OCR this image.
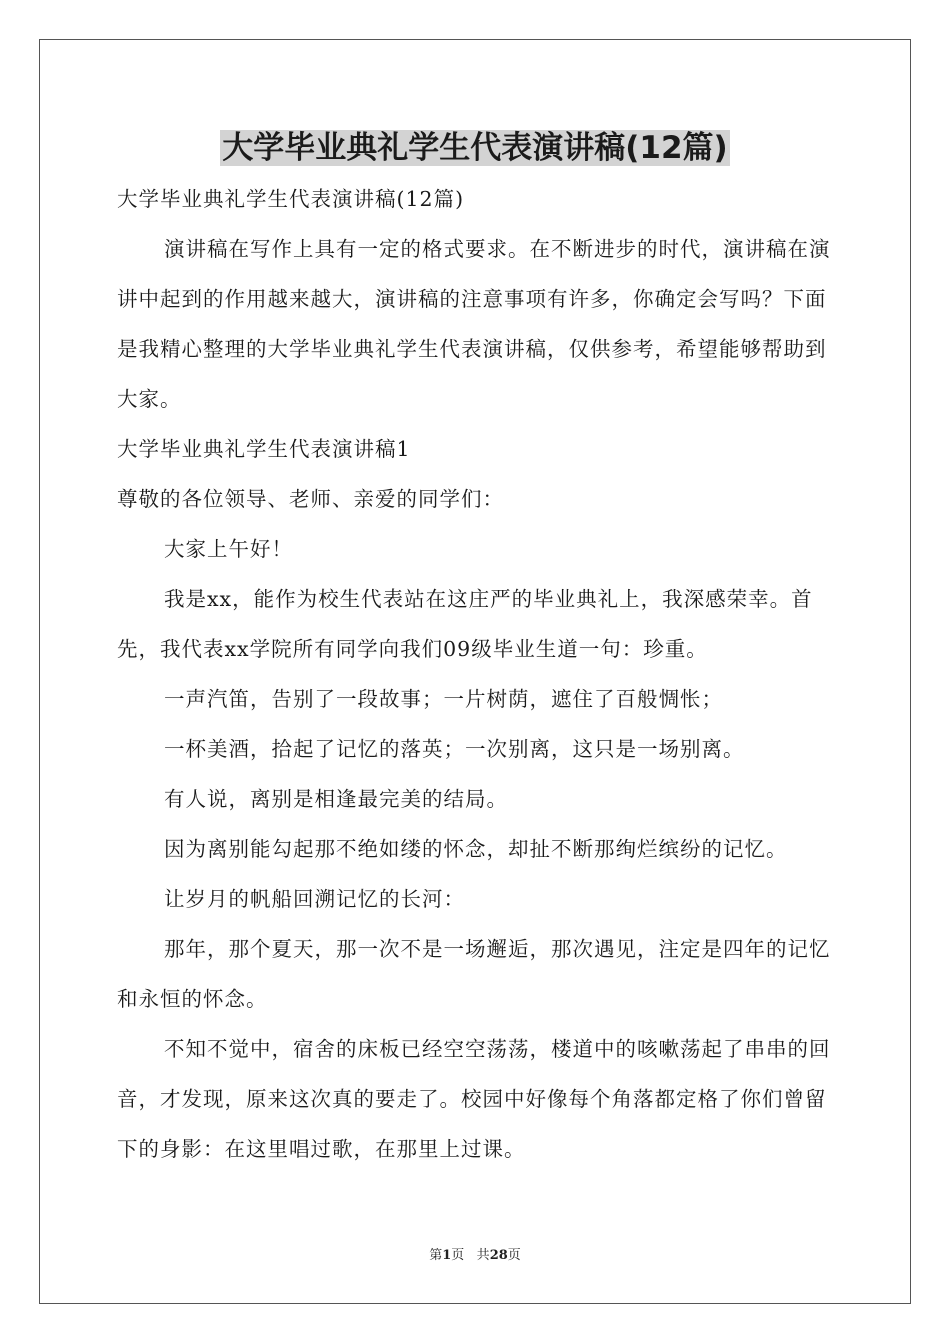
大学毕业典礼学生代表演讲稿(12篇)

大学毕业典礼学生代表演讲稿(12篇)

演讲稿在写作上具有一定的格式要求。在不断进步的时代，演讲稿在演讲中起到的作用越来越大，演讲稿的注意事项有许多，你确定会写吗？下面是我精心整理的大学毕业典礼学生代表演讲稿，仅供参考，希望能够帮助到大家。

大学毕业典礼学生代表演讲稿1

尊敬的各位领导、老师、亲爱的同学们：

大家上午好！

我是xx，能作为校生代表站在这庄严的毕业典礼上，我深感荣幸。首先，我代表xx学院所有同学向我们09级毕业生道一句：珍重。

一声汽笛，告别了一段故事；一片树荫，遮住了百般惆怅；

一杯美酒，拾起了记忆的落英；一次别离，这只是一场别离。

有人说，离别是相逢最完美的结局。

因为离别能勾起那不绝如缕的怀念，却扯不断那绚烂缤纷的记忆。

让岁月的帆船回溯记忆的长河：

那年，那个夏天，那一次不是一场邂逅，那次遇见，注定是四年的记忆和永恒的怀念。

不知不觉中，宿舍的床板已经空空荡荡，楼道中的咳嗽荡起了串串的回音，才发现，原来这次真的要走了。校园中好像每个角落都定格了你们曾留下的身影：在这里唱过歌，在那里上过课。

第1页 共28页
